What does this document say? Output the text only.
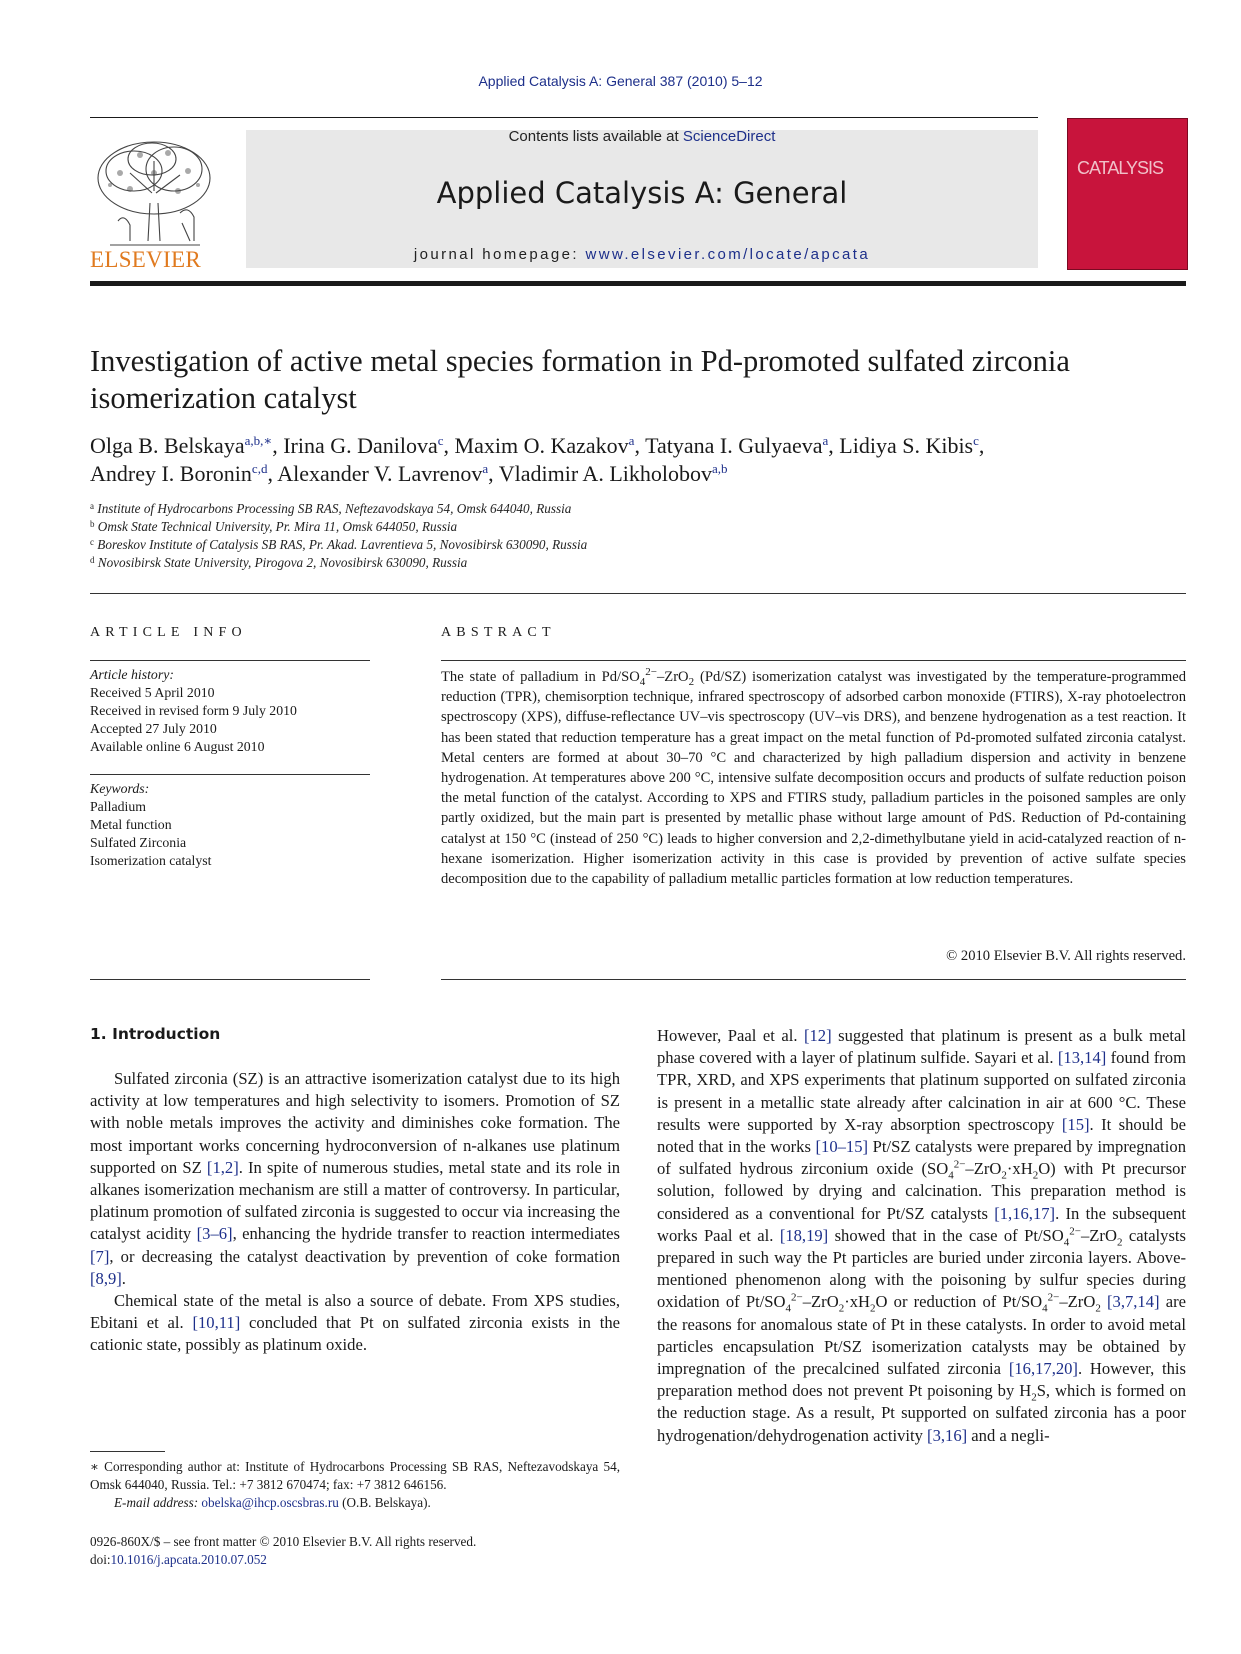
Applied Catalysis A: General 387 (2010) 5–12
Contents lists available at ScienceDirect
Applied Catalysis A: General
journal homepage: www.elsevier.com/locate/apcata
ELSEVIER
CATALYSIS
Investigation of active metal species formation in Pd-promoted sulfated zirconia isomerization catalyst
Olga B. Belskaya$^{a,b,∗}$, Irina G. Danilova$^c$, Maxim O. Kazakov$^a$, Tatyana I. Gulyaeva$^a$, Lidiya S. Kibis$^c$,
Andrey I. Boronin$^{c,d}$, Alexander V. Lavrenov$^a$, Vladimir A. Likholobov$^{a,b}$
$^a$ Institute of Hydrocarbons Processing SB RAS, Neftezavodskaya 54, Omsk 644040, Russia
$^b$ Omsk State Technical University, Pr. Mira 11, Omsk 644050, Russia
$^c$ Boreskov Institute of Catalysis SB RAS, Pr. Akad. Lavrentieva 5, Novosibirsk 630090, Russia
$^d$ Novosibirsk State University, Pirogova 2, Novosibirsk 630090, Russia
ARTICLE INFO
Article history:
Received 5 April 2010
Received in revised form 9 July 2010
Accepted 27 July 2010
Available online 6 August 2010
Keywords:
Palladium
Metal function
Sulfated Zirconia
Isomerization catalyst
ABSTRACT
The state of palladium in $Pd/SO_4^{2-}-ZrO_2$ (Pd/SZ) isomerization catalyst was investigated by the temperature-programmed reduction (TPR), chemisorption technique, infrared spectroscopy of adsorbed carbon monoxide (FTIRS), X-ray photoelectron spectroscopy (XPS), diffuse-reflectance UV–vis spectroscopy (UV–vis DRS), and benzene hydrogenation as a test reaction. It has been stated that reduction temperature has a great impact on the metal function of Pd-promoted sulfated zirconia catalyst. Metal centers are formed at about 30–70 °C and characterized by high palladium dispersion and activity in benzene hydrogenation. At temperatures above 200 °C, intensive sulfate decomposition occurs and products of sulfate reduction poison the metal function of the catalyst. According to XPS and FTIRS study, palladium particles in the poisoned samples are only partly oxidized, but the main part is presented by metallic phase without large amount of PdS. Reduction of Pd-containing catalyst at 150 °C (instead of 250 °C) leads to higher conversion and 2,2-dimethylbutane yield in acid-catalyzed reaction of n-hexane isomerization. Higher isomerization activity in this case is provided by prevention of active sulfate species decomposition due to the capability of palladium metallic particles formation at low reduction temperatures.
© 2010 Elsevier B.V. All rights reserved.
1. Introduction

Sulfated zirconia (SZ) is an attractive isomerization catalyst due to its high activity at low temperatures and high selectivity to isomers. Promotion of SZ with noble metals improves the activity and diminishes coke formation. The most important works concerning hydroconversion of n-alkanes use platinum supported on SZ [1,2]. In spite of numerous studies, metal state and its role in alkanes isomerization mechanism are still a matter of controversy. In particular, platinum promotion of sulfated zirconia is suggested to occur via increasing the catalyst acidity [3–6], enhancing the hydride transfer to reaction intermediates [7], or decreasing the catalyst deactivation by prevention of coke formation [8,9].

Chemical state of the metal is also a source of debate. From XPS studies, Ebitani et al. [10,11] concluded that Pt on sulfated zirconia exists in the cationic state, possibly as platinum oxide.

However, Paal et al. [12] suggested that platinum is present as a bulk metal phase covered with a layer of platinum sulfide. Sayari et al. [13,14] found from TPR, XRD, and XPS experiments that platinum supported on sulfated zirconia is present in a metallic state already after calcination in air at 600 °C. These results were supported by X-ray absorption spectroscopy [15]. It should be noted that in the works [10–15] Pt/SZ catalysts were prepared by impregnation of sulfated hydrous zirconium oxide $(SO_4^{2-}-ZrO_2\cdot xH_2O)$ with Pt precursor solution, followed by drying and calcination. This preparation method is considered as a conventional for Pt/SZ catalysts [1,16,17]. In the subsequent works Paal et al. [18,19] showed that in the case of $Pt/SO_4^{2-}-ZrO_2$ catalysts prepared in such way the Pt particles are buried under zirconia layers. Above-mentioned phenomenon along with the poisoning by sulfur species during oxidation of $Pt/SO_4^{2-}-ZrO_2\cdot xH_2O$ or reduction of $Pt/SO_4^{2-}-ZrO_2$ [3,7,14] are the reasons for anomalous state of Pt in these catalysts. In order to avoid metal particles encapsulation Pt/SZ isomerization catalysts may be obtained by impregnation of the precalcined sulfated zirconia [16,17,20]. However, this preparation method does not prevent Pt poisoning by $H_2S$, which is formed on the reduction stage. As a result, Pt supported on sulfated zirconia has a poor hydrogenation/dehydrogenation activity [3,16] and a negli-

∗ Corresponding author at: Institute of Hydrocarbons Processing SB RAS, Neftezavodskaya 54, Omsk 644040, Russia. Tel.: +7 3812 670474; fax: +7 3812 646156.
E-mail address: obelska@ihcp.oscsbras.ru (O.B. Belskaya).
0926-860X/$ – see front matter © 2010 Elsevier B.V. All rights reserved.
doi:10.1016/j.apcata.2010.07.052
